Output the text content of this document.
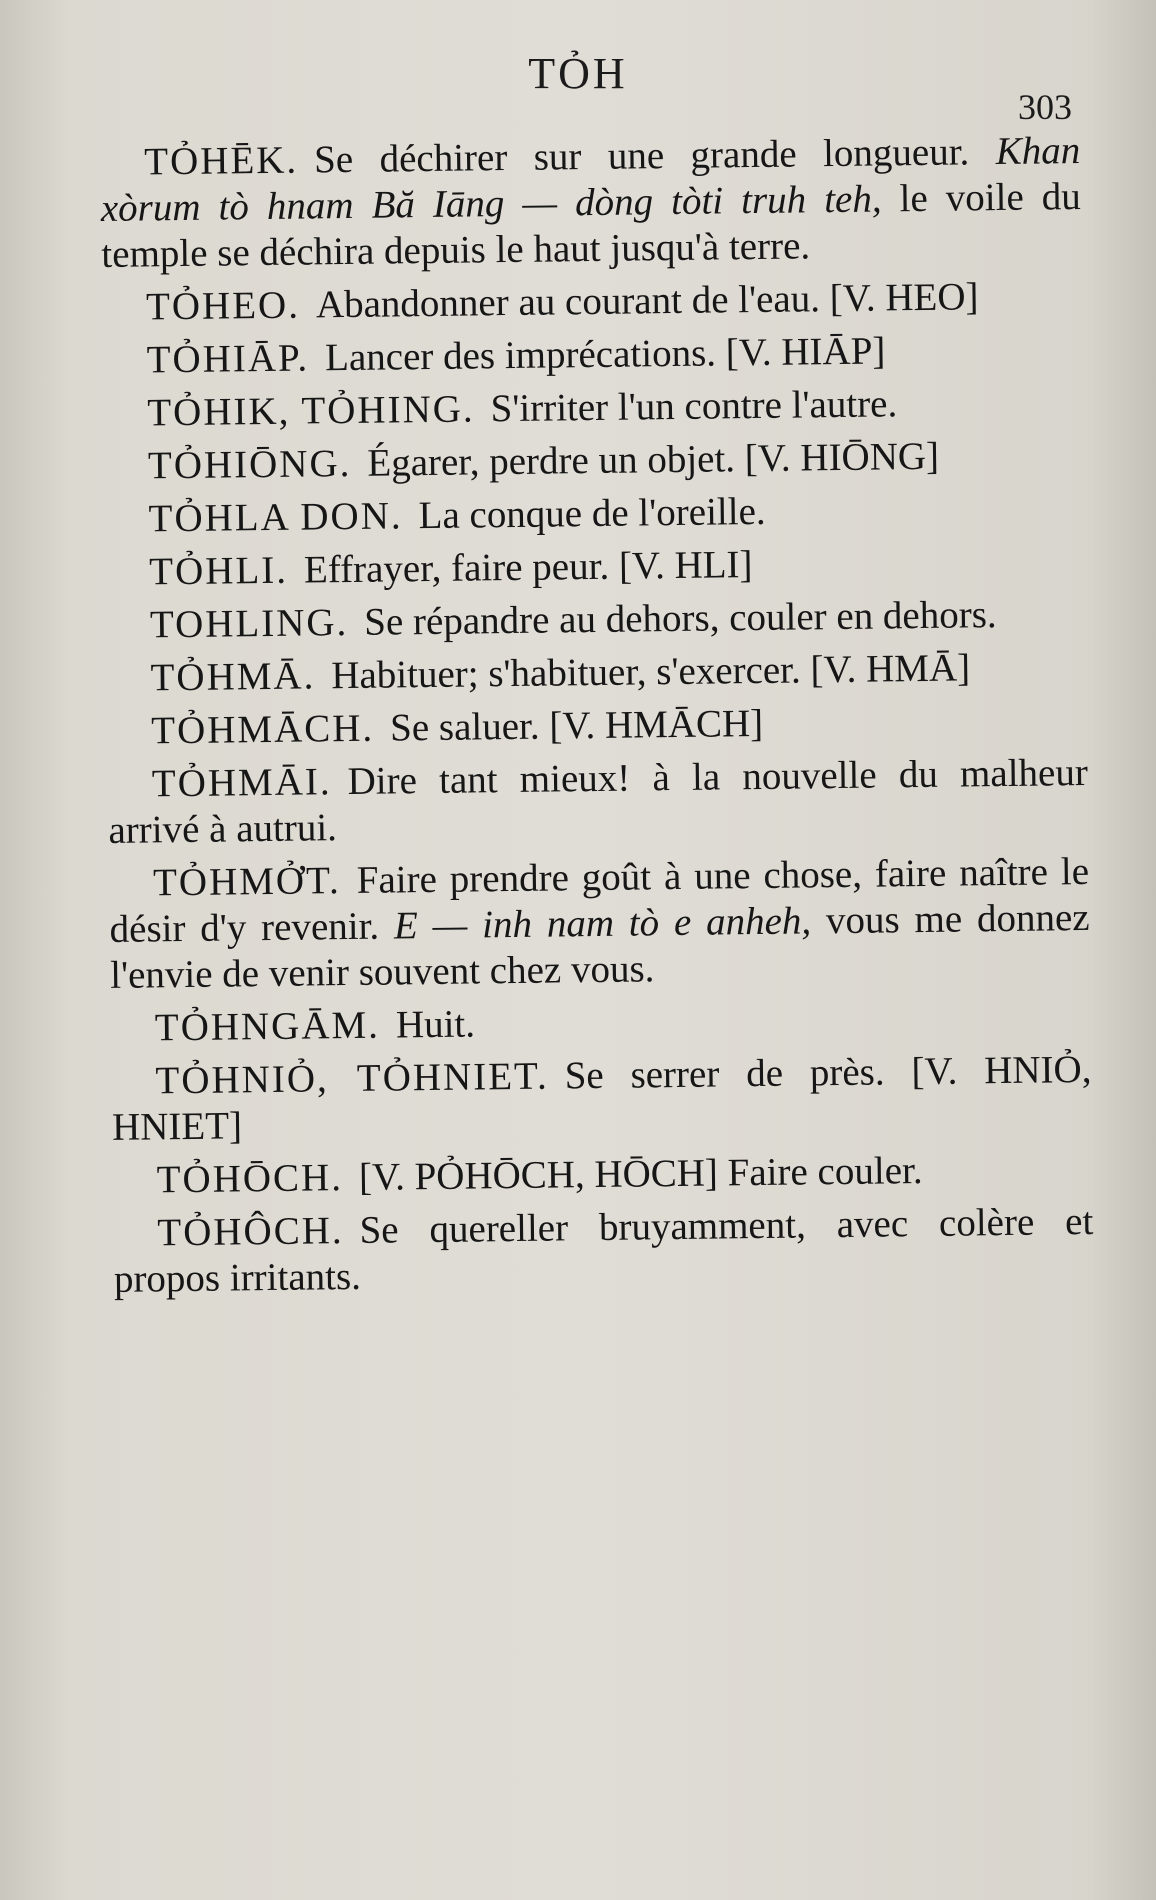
TỎH
303

TỎHĒK. Se déchirer sur une grande longueur. Khan xòrum tò hnam Bă Iāng — dòng tòti truh teh, le voile du temple se déchira depuis le haut jusqu'à terre.

TỎHEO. Abandonner au courant de l'eau. [V. HEO]

TỎHIĀP. Lancer des imprécations. [V. HIĀP]

TỎHIK, TỎHING. S'irriter l'un contre l'autre.

TỎHIŌNG. Égarer, perdre un objet. [V. HIŌNG]

TỎHLA DON. La conque de l'oreille.

TỎHLI. Effrayer, faire peur. [V. HLI]

TOHLING. Se répandre au dehors, couler en dehors.

TỎHMĀ. Habituer; s'habituer, s'exercer. [V. HMĀ]

TỎHMĀCH. Se saluer. [V. HMĀCH]

TỎHMĀI. Dire tant mieux! à la nouvelle du malheur arrivé à autrui.

TỎHMỞT. Faire prendre goût à une chose, faire naître le désir d'y revenir. E — inh nam tò e anheh, vous me donnez l'envie de venir souvent chez vous.

TỎHNGĀM. Huit.

TỎHNIỎ, TỎHNIET. Se serrer de près. [V. HNIỎ, HNIET]

TỎHŌCH. [V. PỎHŌCH, HŌCH] Faire couler.

TỎHÔCH. Se quereller bruyamment, avec colère et propos irritants.
